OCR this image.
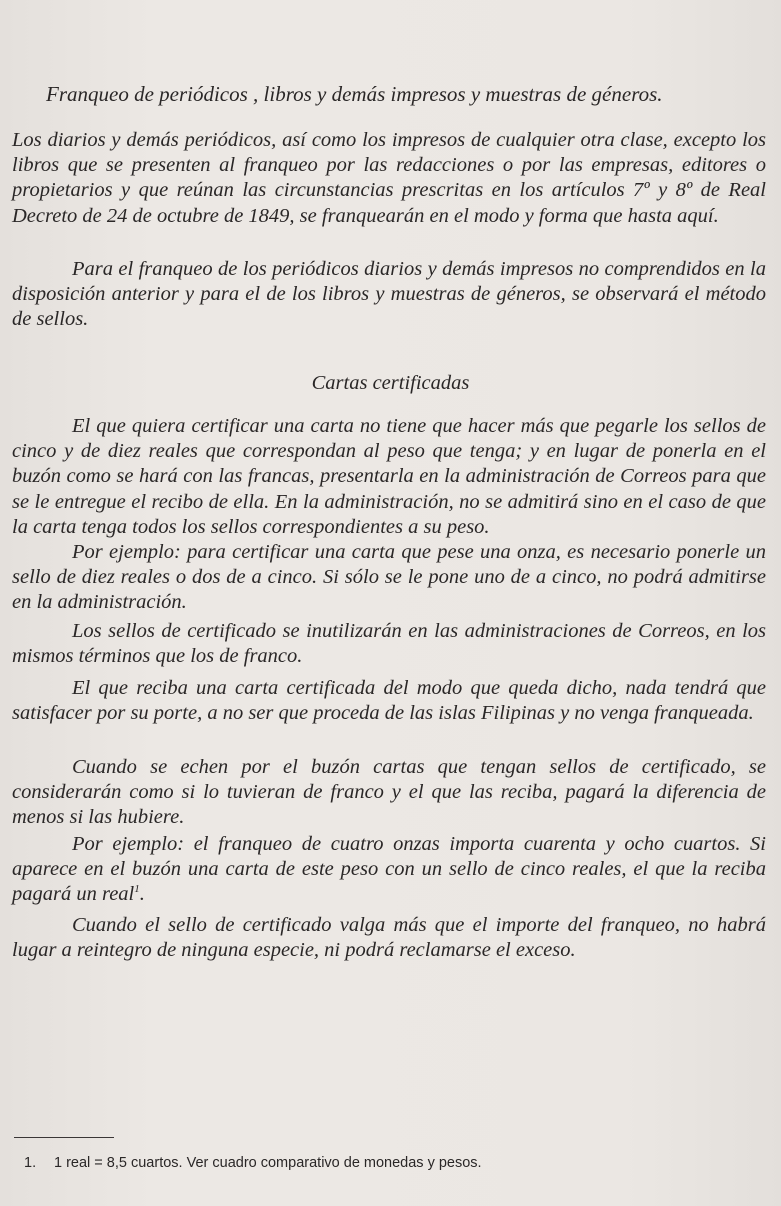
Franqueo de periódicos , libros y demás impresos y muestras de géneros.

Los diarios y demás periódicos, así como los impresos de cualquier otra clase, excepto los libros que se presenten al franqueo por las redacciones o por las empresas, editores o propietarios y que reúnan las circunstancias prescritas en los artículos 7º y 8º de Real Decreto de 24 de octubre de 1849, se franquearán en el modo y forma que hasta aquí.

Para el franqueo de los periódicos diarios y demás impresos no comprendidos en la disposición anterior y para el de los libros y muestras de géneros, se observará el método de sellos.

Cartas certificadas

El que quiera certificar una carta no tiene que hacer más que pegarle los sellos de cinco y de diez reales que correspondan al peso que tenga; y en lugar de ponerla en el buzón como se hará con las francas, presentarla en la administración de Correos para que se le entregue el recibo de ella. En la administración, no se admitirá sino en el caso de que la carta tenga todos los sellos correspondientes a su peso.

Por ejemplo: para certificar una carta que pese una onza, es necesario ponerle un sello de diez reales o dos de a cinco. Si sólo se le pone uno de a cinco, no podrá admitirse en la administración.

Los sellos de certificado se inutilizarán en las administraciones de Correos, en los mismos términos que los de franco.

El que reciba una carta certificada del modo que queda dicho, nada tendrá que satisfacer por su porte, a no ser que proceda de las islas Filipinas y no venga franqueada.

Cuando se echen por el buzón cartas que tengan sellos de certificado, se considerarán como si lo tuvieran de franco y el que las reciba, pagará la diferencia de menos si las hubiere.

Por ejemplo: el franqueo de cuatro onzas importa cuarenta y ocho cuartos. Si aparece en el buzón una carta de este peso con un sello de cinco reales, el que la reciba pagará un real$^1$.

Cuando el sello de certificado valga más que el importe del franqueo, no habrá lugar a reintegro de ninguna especie, ni podrá reclamarse el exceso.

1. 1 real = 8,5 cuartos. Ver cuadro comparativo de monedas y pesos.
